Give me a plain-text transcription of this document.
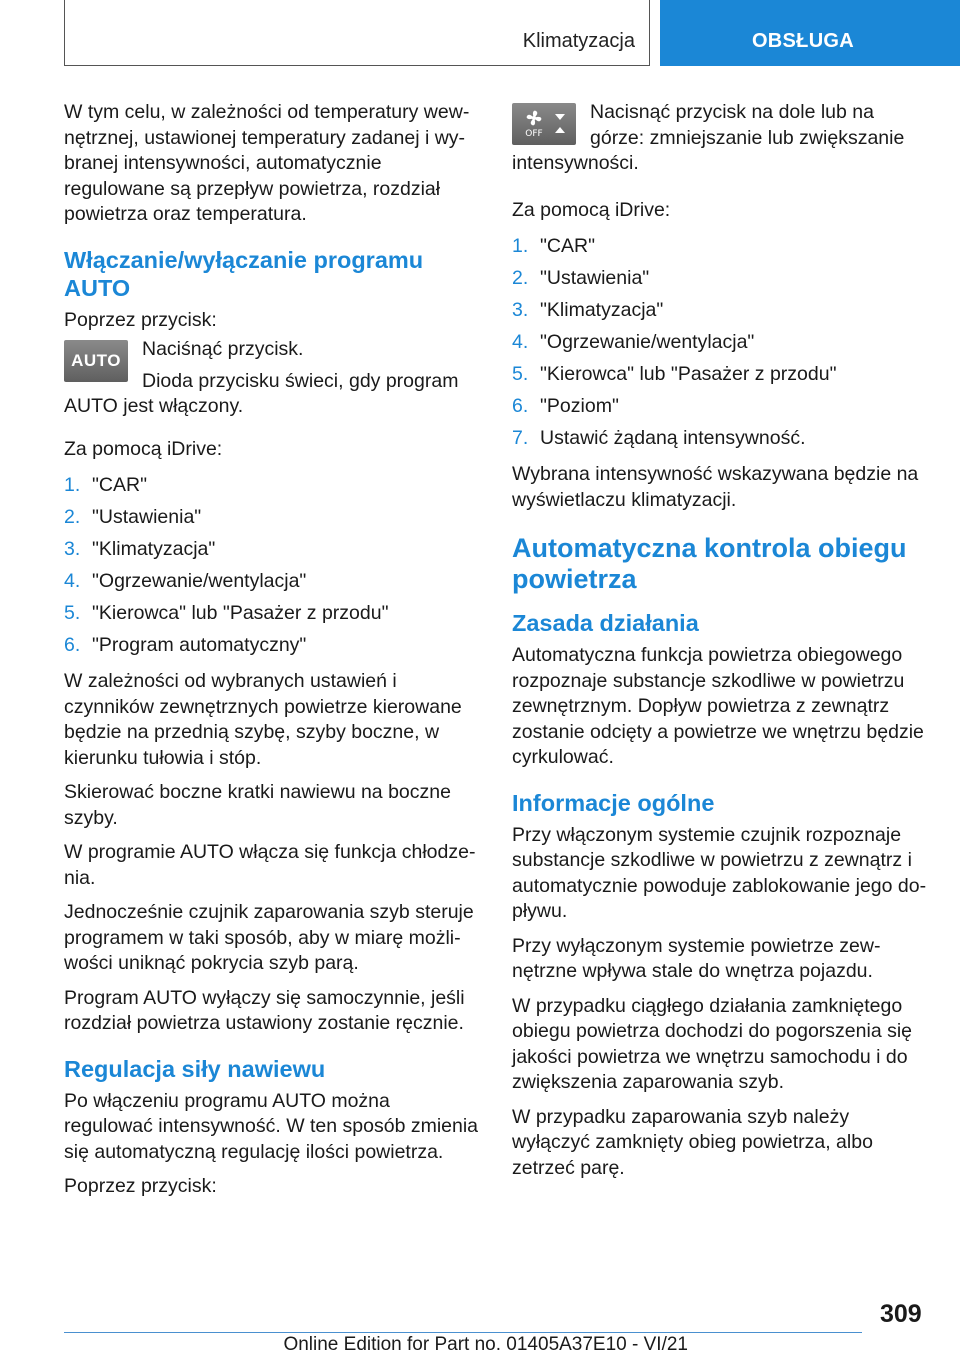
Klimatyzacja	OBSŁUGA

W tym celu, w zależności od temperatury wewnętrznej, ustawionej temperatury zadanej i wybranej intensywności, automatycznie regulowane są przepływ powietrza, rozdział powietrza oraz temperatura.

Włączanie/wyłączanie programu AUTO

Poprzez przycisk:

AUTO

Naciśnąć przycisk.

Dioda przycisku świeci, gdy program AUTO jest włączony.

Za pomocą iDrive:

1. "CAR"
2. "Ustawienia"
3. "Klimatyzacja"
4. "Ogrzewanie/wentylacja"
5. "Kierowca" lub "Pasażer z przodu"
6. "Program automatyczny"

W zależności od wybranych ustawień i czynników zewnętrznych powietrze kierowane będzie na przednią szybę, szyby boczne, w kierunku tułowia i stóp.

Skierować boczne kratki nawiewu na boczne szyby.

W programie AUTO włącza się funkcja chłodzenia.

Jednocześnie czujnik zaparowania szyb steruje programem w taki sposób, aby w miarę możliwości uniknąć pokrycia szyb parą.

Program AUTO wyłączy się samoczynnie, jeśli rozdział powietrza ustawiony zostanie ręcznie.

Regulacja siły nawiewu

Po włączeniu programu AUTO można regulować intensywność. W ten sposób zmienia się automatyczną regulację ilości powietrza.

Poprzez przycisk:

OFF

Nacisnąć przycisk na dole lub na górze: zmniejszanie lub zwiększanie intensywności.

Za pomocą iDrive:

1. "CAR"
2. "Ustawienia"
3. "Klimatyzacja"
4. "Ogrzewanie/wentylacja"
5. "Kierowca" lub "Pasażer z przodu"
6. "Poziom"
7. Ustawić żądaną intensywność.

Wybrana intensywność wskazywana będzie na wyświetlaczu klimatyzacji.

Automatyczna kontrola obiegu powietrza
Zasada działania

Automatyczna funkcja powietrza obiegowego rozpoznaje substancje szkodliwe w powietrzu zewnętrznym. Dopływ powietrza z zewnątrz zostanie odcięty a powietrze we wnętrzu będzie cyrkulować.

Informacje ogólne

Przy włączonym systemie czujnik rozpoznaje substancje szkodliwe w powietrzu z zewnątrz i automatycznie powoduje zablokowanie jego dopływu.

Przy wyłączonym systemie powietrze zewnętrzne wpływa stale do wnętrza pojazdu.

W przypadku ciągłego działania zamkniętego obiegu powietrza dochodzi do pogorszenia się jakości powietrza we wnętrzu samochodu i do zwiększenia zaparowania szyb.

W przypadku zaparowania szyb należy wyłączyć zamknięty obieg powietrza, albo zetrzeć parę.

309
Online Edition for Part no. 01405A37E10 - VI/21
